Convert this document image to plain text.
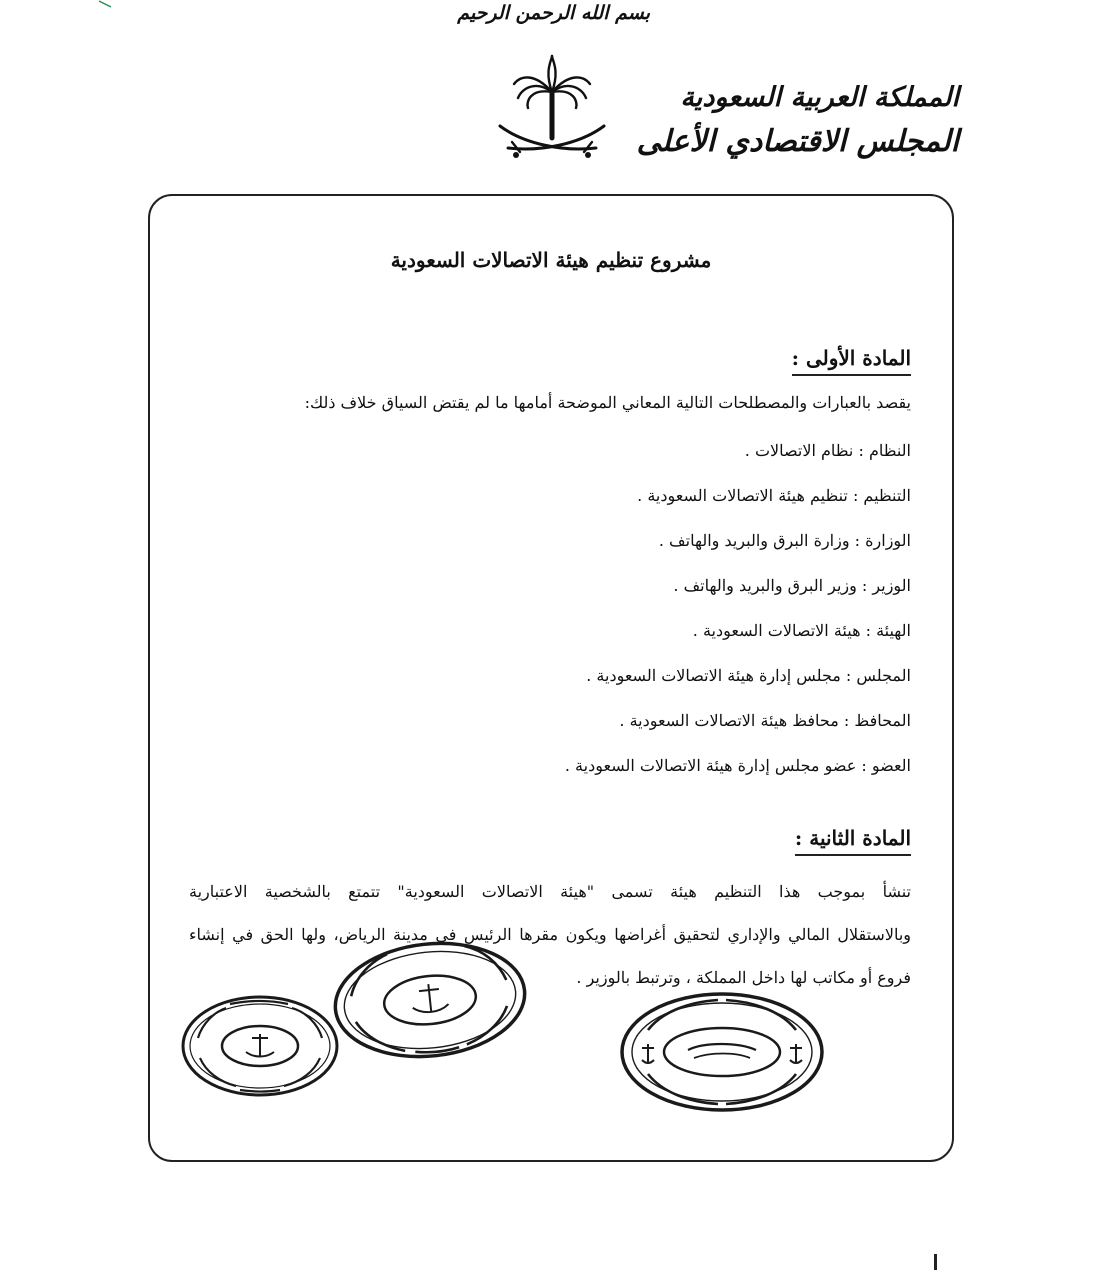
بسم الله الرحمن الرحيم
المملكة العربية السعودية
المجلس الاقتصادي الأعلى
مشروع تنظيم هيئة الاتصالات السعودية
المادة الأولى :
يقصد بالعبارات والمصطلحات التالية المعاني الموضحة أمامها ما لم يقتض السياق خلاف ذلك:
النظام : نظام الاتصالات .
التنظيم : تنظيم هيئة الاتصالات السعودية .
الوزارة : وزارة البرق والبريد والهاتف .
الوزير : وزير البرق والبريد والهاتف .
الهيئة : هيئة الاتصالات السعودية .
المجلس : مجلس إدارة هيئة الاتصالات السعودية .
المحافظ : محافظ هيئة الاتصالات السعودية .
العضو : عضو مجلس إدارة هيئة الاتصالات السعودية .
المادة الثانية :
تنشأ بموجب هذا التنظيم هيئة تسمى "هيئة الاتصالات السعودية" تتمتع بالشخصية الاعتبارية
وبالاستقلال المالي والإداري لتحقيق أغراضها ويكون مقرها الرئيس في مدينة الرياض، ولها الحق في إنشاء
فروع أو مكاتب لها داخل المملكة ، وترتبط بالوزير .
